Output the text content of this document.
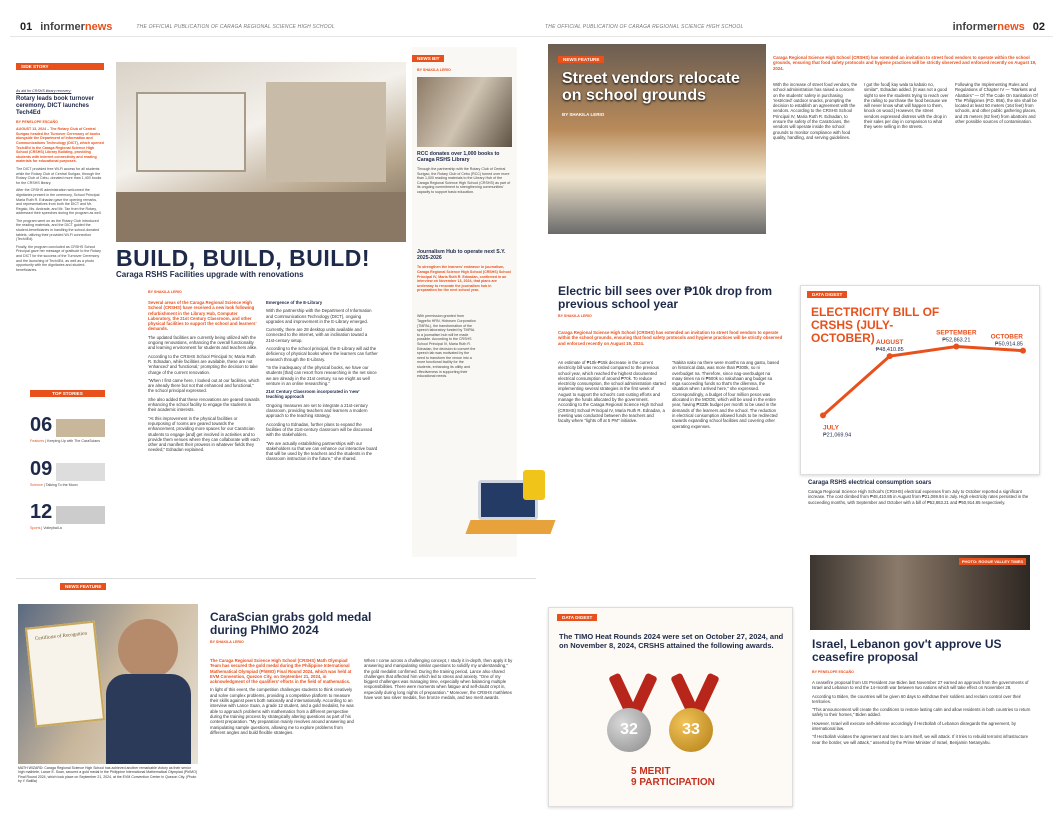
01 informernews	THE OFFICIAL PUBLICATION OF CARAGA REGIONAL SCIENCE HIGH SCHOOL	THE OFFICIAL PUBLICATION OF CARAGA REGIONAL SCIENCE HIGH SCHOOL	informernews 02
SIDE STORY
As aid for CRSHS library recovery:
Rotary leads book turnover ceremony, DICT launches Tech4Ed
BY PENELOPE ESCAÑO
AUGUST 13, 2024 – The Rotary Club of Central Surigao headed the Turnover Ceremony of books alongside the Department of Information and Communications Technology (DICT), which opened Tech4Ed in the Caraga Regional Science High School (CRSHS) Library Building, providing students with internet connectivity and reading materials for educational purposes.
The DICT provided free Wi-Fi access for all students while the Rotary Club of Central Surigao, through the Rotary Club of Cebu, donated more than 1,400 books for the CRSHS library.
After the CRSHS administration welcomed the dignitaries present in the ceremony, School Principal Maria Ruth R. Ednadan gave the opening remarks, and representatives from both the DICT and Mr. Regalo, Ms. Andrade, and Mr. Tan from the Rotary, addressed their speeches during the program as well.
The program went on as the Rotary Club introduced the reading materials, and the DICT guided the student-beneficiaries in handling the school-donated tablets, utilizing their provided Wi-Fi connection (Tech4Ed).
Finally, the program concluded as CRSHS School Principal gave her message of gratitude to the Rotary and DICT for the success of the Turnover Ceremony and the launching of Tech4Ed, as well as a photo opportunity with the dignitaries and student-beneficiaries.
TOP STORIES
06
Features | Keeping Up with The CaraScians
09
Science | Talking To the Moon
12
Sports | Volleyball-a
BUILD, BUILD, BUILD!
Caraga RSHS Facilities upgrade with renovations
BY SHAKILA LERIO

Several areas of the Caraga Regional Science High School (CRSHS) have received a new look following refurbishment in the Library Hub, Computer Laboratory, the 21st Century Classroom, and other physical facilities to support the school and learners' demands.

The updated facilities are currently being utilized with the ongoing renovations, enhancing the overall functionality and learning environment for students and teachers alike.

According to the CRSHS School Principal IV, Maria Ruth R. Ednadan, while facilities are available, these are not 'enhanced' and 'functional,' prompting the decision to take charge of the current renovation.

"When I first came here, I looked out at our facilities, which are already there but not that enhanced and functional," the school principal expressed.

She also added that these renovations are geared towards enhancing the school facility to engage the students in their academic interests.

"At this improvement in the physical facilities or repurposing of rooms are geared towards the enhancement, providing more spaces for our CaraScian students to engage [and] get involved in activities and to provide them venues where they can collaborate with each other and manifest their prowess in whatever fields they needed," Ednadan explained.

Emergence of the E-Library

With the partnership with the Department of Information and Communications Technology (DICT), ongoing upgrades and improvement in the E-Library emerged.

Currently, there are 28 desktop units available and connected to the internet, with an inclination toward a 21st-century setup.

According to the school principal, the E-Library will aid the deficiency of physical books where the learners can further research through the E-Library.

"In the inadequacy of the physical books, we have our students [that] can resort from researching in the net since we are already in the 21st century, so we might as well venture in an online researching."

21st Century Classroom incorporated in 'new' teaching approach

Ongoing measures are set to integrate a 21st-century classroom, providing teachers and learners a modern approach to the teaching strategy.

According to Ednadan, further plans to expand the facilities of the 21st-century classroom will be discussed with the stakeholders.

"We are actually establishing partnerships with our stakeholders so that we can enhance our interactive board that will be used by the teachers and the students in the classroom instruction in the future," she shared.

NEWS BIT
BY SHAKILA LERIO
RCC donates over 1,000 books to Caraga RSHS Library
Through the partnership with the Rotary Club of Central Surigao, the Rotary Club of Cebu (RCC) turned over more than 1,000 reading materials to the Library Hub of the Caraga Regional Science High School (CRSHS) as part of its ongoing commitment to strengthening communities' capacity to support basic education.
Journalism Hub to operate next S.Y. 2025-2026
To strengthen the learners' endeavor in journalism, Caraga Regional Science High School (CRSHS) School Principal IV, Maria Ruth R. Ednadan, confirmed in an interview on November 13, 2024, that plans are underway to renovate the journalism hub in preparation for the next school year.
With permission granted from Tagpeño HRN, Hidrosen Corporation (TMPAL), the transformation of the speech laboratory funded by TMPAL to a journalism hub will be made possible. According to the CRSHS School Principal IV, Maria Ruth R. Ednadan, the decision to convert the speech lab was motivated by the need to transform the venue into a more functional facility for the students, enhancing its utility and effectiveness in supporting their educational needs.
NEWS FEATURE
Street vendors relocate on school grounds
BY SHAKILA LERIO

Caraga Regional Science High School (CRSHS) has extended an invitation to street food vendors to operate within the school grounds, ensuring that food safety protocols and hygiene practices will be strictly observed and enforced recently on August 19, 2024.

With the increase of street food vendors, the school administration has raised a concern on the students' safety in purchasing 'restricted' outdoor snacks, prompting the decision to establish an agreement with the vendors. According to the CRSHS School Principal IV, Maria Ruth R. Ednadan, to ensure the safety of the CaraScians, the vendors will operate inside the school grounds to monitor compliance with food quality, handling, and serving guidelines.

I got the food] kay wala ta kabalo no, similar", Ednadan added. [It was not a good sight to see the students trying to reach over the railing to purchase the food because we will never know what will happen to them, knock on wood.] However, the street vendors expressed distress with the drop in their sales per day in comparison to what they were selling in the streets.

Following the Implementing Rules and Regulations of Chapter IV — "Markets and Abattoirs" — Of The Code On Sanitation Of The Philippines (P.D. 856), the site shall be located at least 50 meters (164 feet) from schools, and other public gathering places, and 25 meters (82 feet) from abattoirs and other possible sources of contamination.

Electric bill sees over ₱10k drop from previous school year
BY SHAKILA LERIO

Caraga Regional Science High School (CRSHS) has extended an invitation to street food vendors to operate within the school grounds, ensuring that food safety protocols and hygiene practices will be strictly observed and enforced recently on August 19, 2024.

An estimate of ₱10k-₱15k decrease in the current electricity bill was recorded compared to the previous school year, which reached the highest documented electrical consumption of around ₱70k. To reduce electricity consumption, the school administration started implementing several strategies in the first week of August to support the school's cost-cutting efforts and manage the funds allocated by the government. According to the Caraga Regional Science High School (CRSHS) School Principal IV, Maria Ruth R. Ednadan, a meeting was conducted between the teachers and faculty where "lights off at 5 PM" initiative.

"Nakita nako na there were months na ang gastu, based on historical data, was more than ₱300k, so ni overbudget na. Therefore, since nag-overbudget na maay times na ni ₱500k so nakuhaan ang budget sa mga succeeding funds so that's the dilemma, the situation when I arrived here," she expressed. Correspondingly, a budget of four million pesos was allocated in the MOOE, which will be used in the entire year, having ₱333k budget per month to be used in the demands of the learners and the school. The reduction in electrical consumption allowed funds to be redirected towards expanding school facilities and covering other operating expenses.

DATA DIGEST
ELECTRICITY BILL OF CRSHS (JULY-OCTOBER)
JULY
₱21,069.94
AUGUST
₱48,410.85
SEPTEMBER
₱52,863.21	OCTOBER
₱50,914.85
Caraga RSHS electrical consumption soars

Caraga Regional Science High School's (CRSHS) electrical expenses from July to October reported a significant increase. The cost climbed from ₱48,410.85 in August from ₱21,069.94 in July. High electricity rates persisted in the succeeding months, with September and October with a bill of ₱52,863.21 and ₱50,914.85 respectively.

PHOTO: ROGUE VALLEY TIMES
Israel, Lebanon gov't approve US ceasefire proposal
BY PENELOPE ESCAÑO

A ceasefire proposal from US President Joe Biden last November 27 earned an approval from the governments of Israel and Lebanon to end the 14-month war between two nations which will take effect on November 28.

According to Biden, the countries will be given 60 days to withdraw their soldiers and reclaim control over their territories.

"This announcement will create the conditions to restore lasting calm and allow residents in both countries to return safely to their homes," Biden added.

However, Israel will execute self-defense accordingly if Hezbollah of Lebanon disregards the agreement, by international law.

"If Hezbollah violates the agreement and tries to arm itself, we will attack. If it tries to rebuild terrorist infrastructure near the border, we will attack," asserted by the Prime Minister of Israel, Benjamin Netanyahu.

NEWS FEATURE
Certificate of Recognition

MATH WIZARD: Caraga Regional Science High School has achieved another remarkable victory as their senior high mathlete, Lance E. Suan, secured a gold medal in the Philippine International Mathematical Olympiad (PhIMO) Final Round 2024, which took place on September 21, 2024, at the EVM Convention Center in Quezon City. (Photo by Y. Balilla)

CaraScian grabs gold medal during PhIMO 2024
BY SHAKILA LERIO

The Caraga Regional Science High School (CRSHS) Math Olympiad Team has secured the gold medal during the Philippine International Mathematical Olympiad (PhIMO) Final Round 2024, which was held at EVM Convention, Quezon City, on September 21, 2024, in acknowledgment of the qualifiers' efforts in the field of mathematics.

In light of this event, the competition challenges students to think creatively and solve complex problems, providing a competitive platform to measure their skills against peers both nationally and internationally. According to an interview with Lance Suan, a grade 12 student, and a gold medalist, he was able to approach problems with mathematics from a different perspective during the training process by strategically altering questions as part of his contest preparation. "My preparation mainly revolves around answering and manipulating sample questions, allowing me to explore problems from different angles and build flexible strategies.

When I come across a challenging concept, I study it in-depth, then apply it by answering and manipulating similar questions to solidify my understanding," the gold medalist confirmed. During the training period, Lance also shared challenges that affected him which led to stress and anxiety. "One of my biggest challenges was managing time, especially when balancing multiple responsibilities. There were moments when fatigue and self-doubt crept in, especially during long nights of preparation." Moreover, the CRSHS mathletes have won two silver medals, five bronze medals, and two merit awards.

DATA DIGEST
The TIMO Heat Rounds 2024 were set on October 27, 2024, and on November 8, 2024, CRSHS attained the following awards.
32	33
5 MERIT
9 PARTICIPATION
